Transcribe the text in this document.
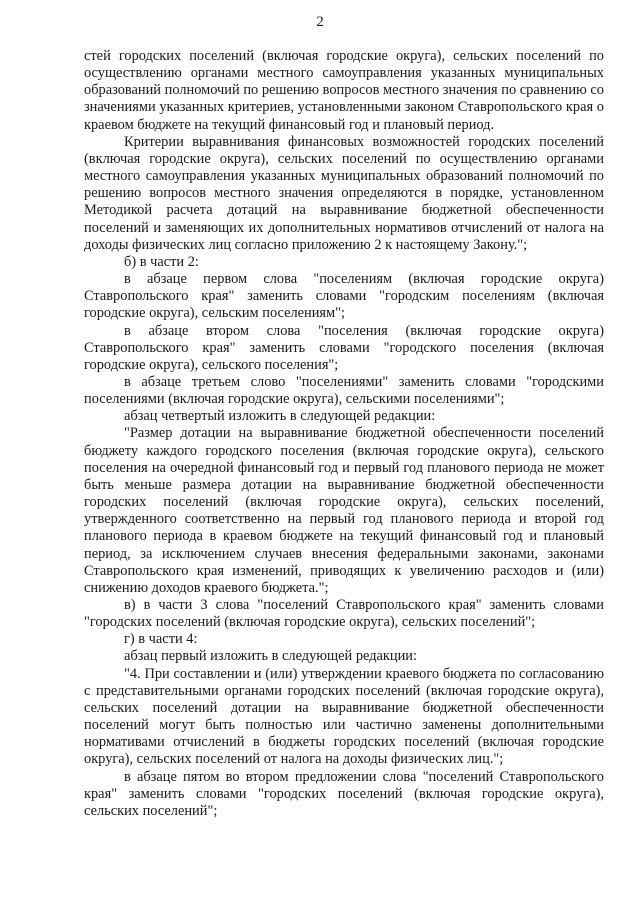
2

стей городских поселений (включая городские округа), сельских поселений по осуществлению органами местного самоуправления указанных муниципальных образований полномочий по решению вопросов местного значения по сравнению со значениями указанных критериев, установленными законом Ставропольского края о краевом бюджете на текущий финансовый год и плановый период.

Критерии выравнивания финансовых возможностей городских поселений (включая городские округа), сельских поселений по осуществлению органами местного самоуправления указанных муниципальных образований полномочий по решению вопросов местного значения определяются в порядке, установленном Методикой расчета дотаций на выравнивание бюджетной обеспеченности поселений и заменяющих их дополнительных нормативов отчислений от налога на доходы физических лиц согласно приложению 2 к настоящему Закону.";

б) в части 2:

в абзаце первом слова "поселениям (включая городские округа) Ставропольского края" заменить словами "городским поселениям (включая городские округа), сельским поселениям";

в абзаце втором слова "поселения (включая городские округа) Ставропольского края" заменить словами "городского поселения (включая городские округа), сельского поселения";

в абзаце третьем слово "поселениями" заменить словами "городскими поселениями (включая городские округа), сельскими поселениями";

абзац четвертый изложить в следующей редакции:

"Размер дотации на выравнивание бюджетной обеспеченности поселений бюджету каждого городского поселения (включая городские округа), сельского поселения на очередной финансовый год и первый год планового периода не может быть меньше размера дотации на выравнивание бюджетной обеспеченности городских поселений (включая городские округа), сельских поселений, утвержденного соответственно на первый год планового периода и второй год планового периода в краевом бюджете на текущий финансовый год и плановый период, за исключением случаев внесения федеральными законами, законами Ставропольского края изменений, приводящих к увеличению расходов и (или) снижению доходов краевого бюджета.";

в) в части 3 слова "поселений Ставропольского края" заменить словами "городских поселений (включая городские округа), сельских поселений";

г) в части 4:

абзац первый изложить в следующей редакции:

"4. При составлении и (или) утверждении краевого бюджета по согласованию с представительными органами городских поселений (включая городские округа), сельских поселений дотации на выравнивание бюджетной обеспеченности поселений могут быть полностью или частично заменены дополнительными нормативами отчислений в бюджеты городских поселений (включая городские округа), сельских поселений от налога на доходы физических лиц.";

в абзаце пятом во втором предложении слова "поселений Ставропольского края" заменить словами "городских поселений (включая городские округа), сельских поселений";
